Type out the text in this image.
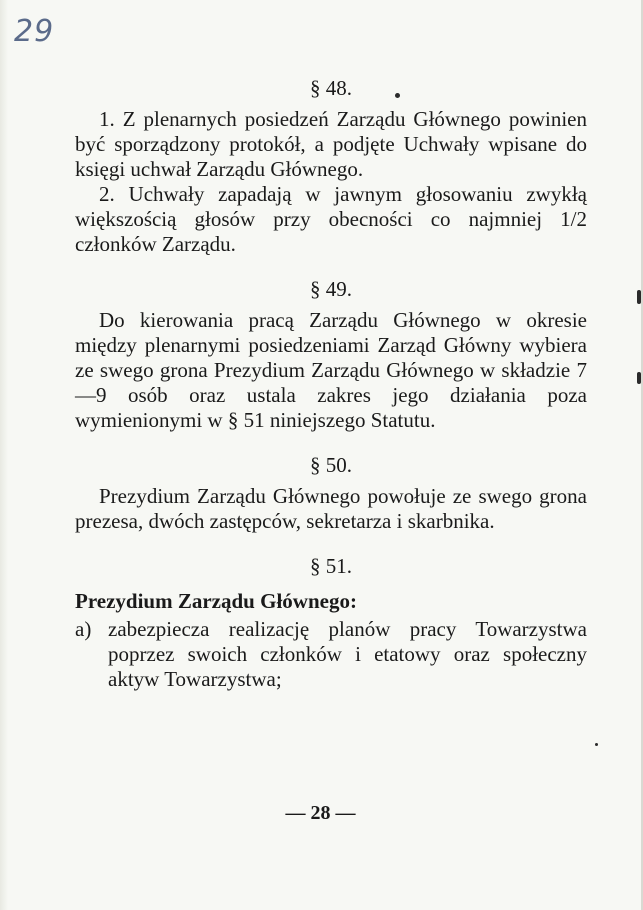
29

§ 48.

1. Z plenarnych posiedzeń Zarządu Głównego powinien być sporządzony protokół, a podjęte Uchwały wpisane do księgi uchwał Zarządu Głównego.

2. Uchwały zapadają w jawnym głosowaniu zwykłą większością głosów przy obecności co najmniej 1/2 członków Zarządu.

§ 49.

Do kierowania pracą Zarządu Głównego w okresie między plenarnymi posiedzeniami Zarząd Główny wybiera ze swego grona Prezydium Zarządu Głównego w składzie 7—9 osób oraz ustala zakres jego działania poza wymienionymi w § 51 niniejszego Statutu.

§ 50.

Prezydium Zarządu Głównego powołuje ze swego grona prezesa, dwóch zastępców, sekretarza i skarbnika.

§ 51.

Prezydium Zarządu Głównego:

a) zabezpiecza realizację planów pracy Towarzystwa poprzez swoich członków i etatowy oraz społeczny aktyw Towarzystwa;
— 28 —
